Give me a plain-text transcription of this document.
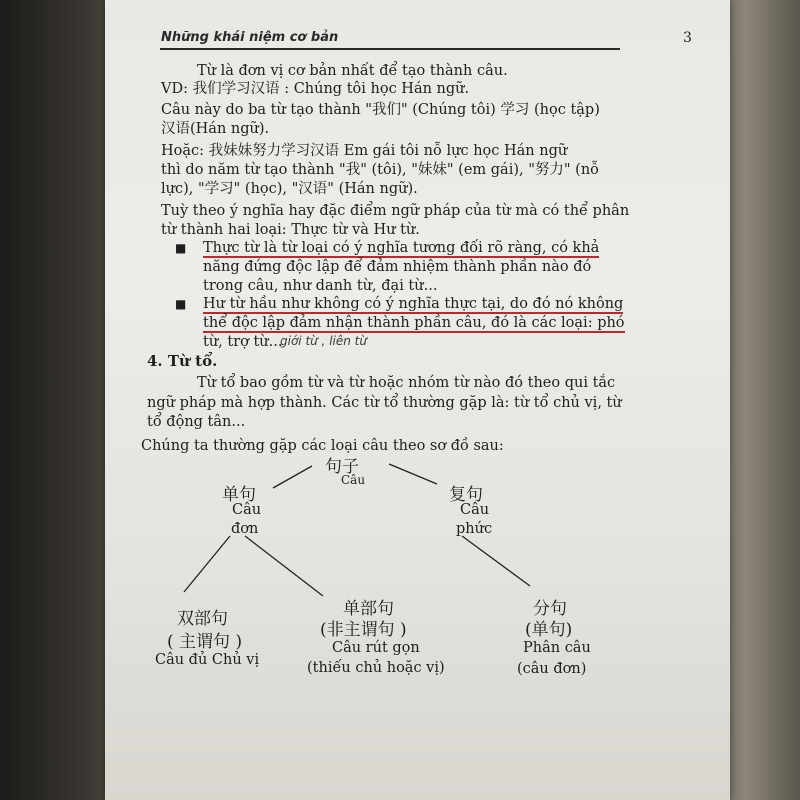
Những khái niệm cơ bản	3
Từ là đơn vị cơ bản nhất để tạo thành câu.
VD: 我们学习汉语 : Chúng tôi học Hán ngữ.
Câu này do ba từ tạo thành "我们" (Chúng tôi) 学习 (học tập)
汉语(Hán ngữ).
Hoặc: 我妹妹努力学习汉语 Em gái tôi nỗ lực học Hán ngữ
thì do năm từ tạo thành "我" (tôi), "妹妹" (em gái), "努力" (nỗ
lực), "学习" (học), "汉语" (Hán ngữ).
Tuỳ theo ý nghĩa hay đặc điểm ngữ pháp của từ mà có thể phân
từ thành hai loại: Thực từ và Hư từ.
■ Thực từ là từ loại có ý nghĩa tương đối rõ ràng, có khả
năng đứng độc lập để đảm nhiệm thành phần nào đó
trong câu, như danh từ, đại từ...
■ Hư từ hầu như không có ý nghĩa thực tại, do đó nó không
thể độc lập đảm nhận thành phần câu, đó là các loại: phó
từ, trợ từ...
giới từ , liên từ
4. Từ tổ.
Từ tổ bao gồm từ và từ hoặc nhóm từ nào đó theo qui tắc
ngữ pháp mà hợp thành. Các từ tổ thường gặp là: từ tổ chủ vị, từ
tổ động tân...
Chúng ta thường gặp các loại câu theo sơ đồ sau:
句子
Câu
单句
Câu
đơn
复句
Câu
phức
双部句
( 主谓句 )
Câu đủ Chủ vị
单部句
(非主谓句 )
Câu rút gọn
(thiếu chủ hoặc vị)
分句
(单句)
Phân câu
(câu đơn)
